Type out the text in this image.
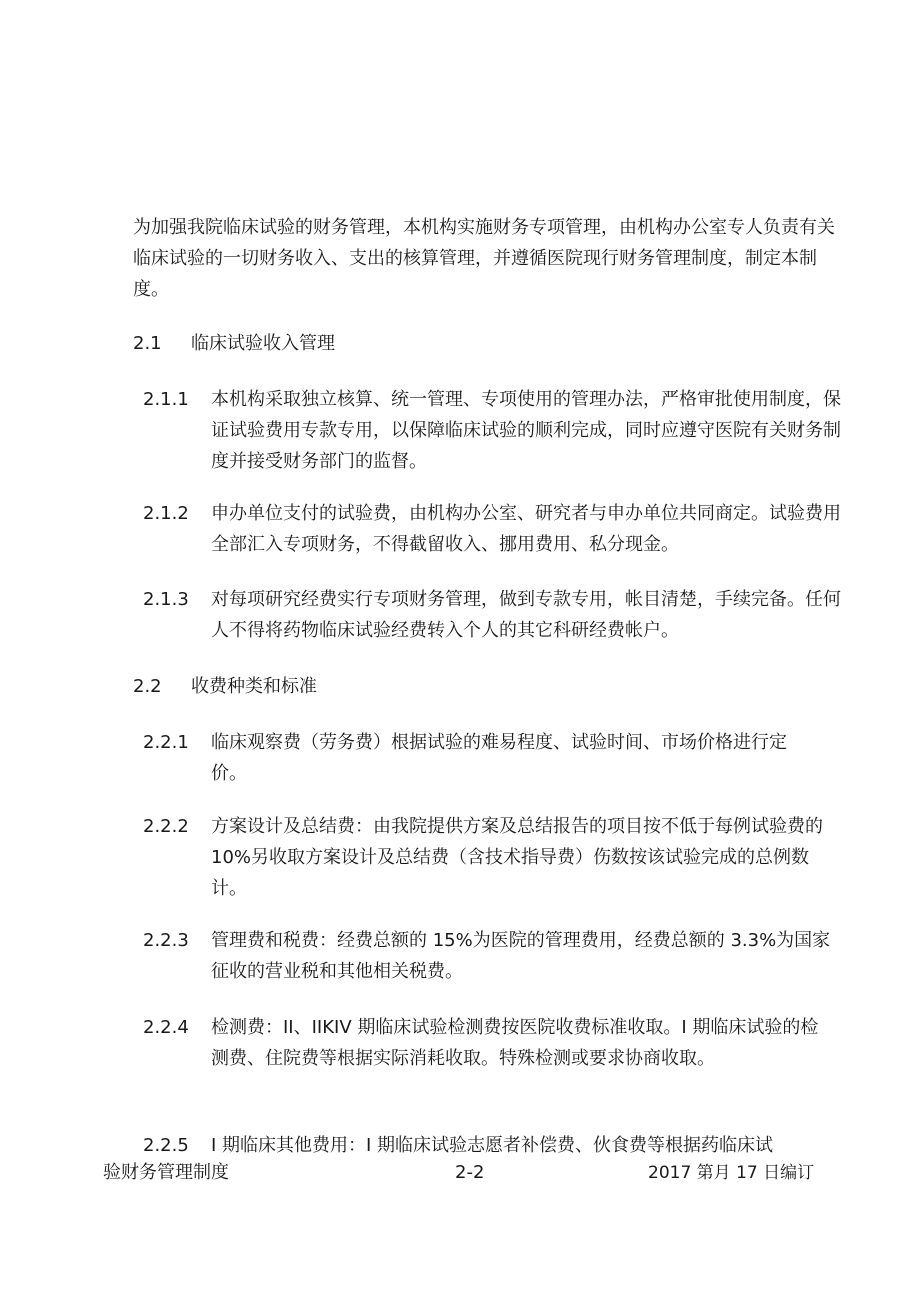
为加强我院临床试验的财务管理，本机构实施财务专项管理，由机构办公室专人负责有关临床试验的一切财务收入、支出的核算管理，并遵循医院现行财务管理制度，制定本制度。

2.1 临床试验收入管理
2.1.1	本机构采取独立核算、统一管理、专项使用的管理办法，严格审批使用制度，保证试验费用专款专用，以保障临床试验的顺利完成，同时应遵守医院有关财务制度并接受财务部门的监督。
2.1.2	申办单位支付的试验费，由机构办公室、研究者与申办单位共同商定。试验费用全部汇入专项财务，不得截留收入、挪用费用、私分现金。
2.1.3	对每项研究经费实行专项财务管理，做到专款专用，帐目清楚，手续完备。任何人不得将药物临床试验经费转入个人的其它科研经费帐户。
2.2 收费种类和标准
2.2.1	临床观察费（劳务费）根据试验的难易程度、试验时间、市场价格进行定价。
2.2.2	方案设计及总结费：由我院提供方案及总结报告的项目按不低于每例试验费的 10%另收取方案设计及总结费（含技术指导费）伤数按该试验完成的总例数计。
2.2.3	管理费和税费：经费总额的 15%为医院的管理费用，经费总额的 3.3%为国家征收的营业税和其他相关税费。
2.2.4	检测费：II、IIKIV 期临床试验检测费按医院收费标准收取。I 期临床试验的检测费、住院费等根据实际消耗收取。特殊检测或要求协商收取。
2.2.5 I 期临床其他费用：I 期临床试验志愿者补偿费、伙食费等根据药临床试
验财务管理制度	2-2	2017 第月 17 日编订
